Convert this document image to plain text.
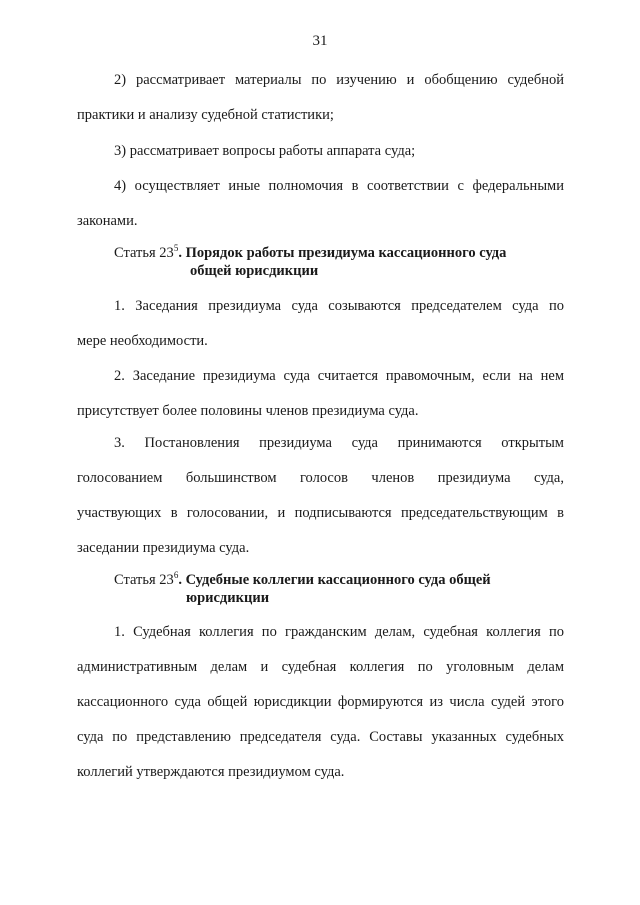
31
2) рассматривает материалы по изучению и обобщению судебной
практики и анализу судебной статистики;
3) рассматривает вопросы работы аппарата суда;
4) осуществляет иные полномочия в соответствии с федеральными
законами.
Статья $23^5$. Порядок работы президиума кассационного суда
общей юрисдикции
1. Заседания президиума суда созываются председателем суда по
мере необходимости.
2. Заседание президиума суда считается правомочным, если на нем
присутствует более половины членов президиума суда.
3. Постановления президиума суда принимаются открытым
голосованием большинством голосов членов президиума суда,
участвующих в голосовании, и подписываются председательствующим в
заседании президиума суда.
Статья $23^6$. Судебные коллегии кассационного суда общей
юрисдикции
1. Судебная коллегия по гражданским делам, судебная коллегия по
административным делам и судебная коллегия по уголовным делам
кассационного суда общей юрисдикции формируются из числа судей этого
суда по представлению председателя суда. Составы указанных судебных
коллегий утверждаются президиумом суда.
